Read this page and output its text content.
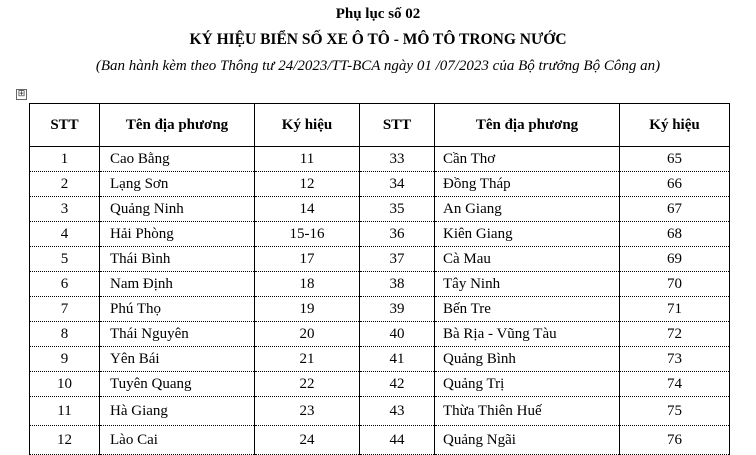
Phụ lục số 02
KÝ HIỆU BIỂN SỐ XE Ô TÔ - MÔ TÔ TRONG NƯỚC
(Ban hành kèm theo Thông tư 24/2023/TT-BCA ngày 01 /07/2023 của Bộ trưởng Bộ Công an)
⊞
STT	Tên địa phương	Ký hiệu	STT	Tên địa phương	Ký hiệu
1	Cao Bằng	11	33	Cần Thơ	65
2	Lạng Sơn	12	34	Đồng Tháp	66
3	Quảng Ninh	14	35	An Giang	67
4	Hải Phòng	15-16	36	Kiên Giang	68
5	Thái Bình	17	37	Cà Mau	69
6	Nam Định	18	38	Tây Ninh	70
7	Phú Thọ	19	39	Bến Tre	71
8	Thái Nguyên	20	40	Bà Rịa - Vũng Tàu	72
9	Yên Bái	21	41	Quảng Bình	73
10	Tuyên Quang	22	42	Quảng Trị	74
11	Hà Giang	23	43	Thừa Thiên Huế	75
12	Lào Cai	24	44	Quảng Ngãi	76
